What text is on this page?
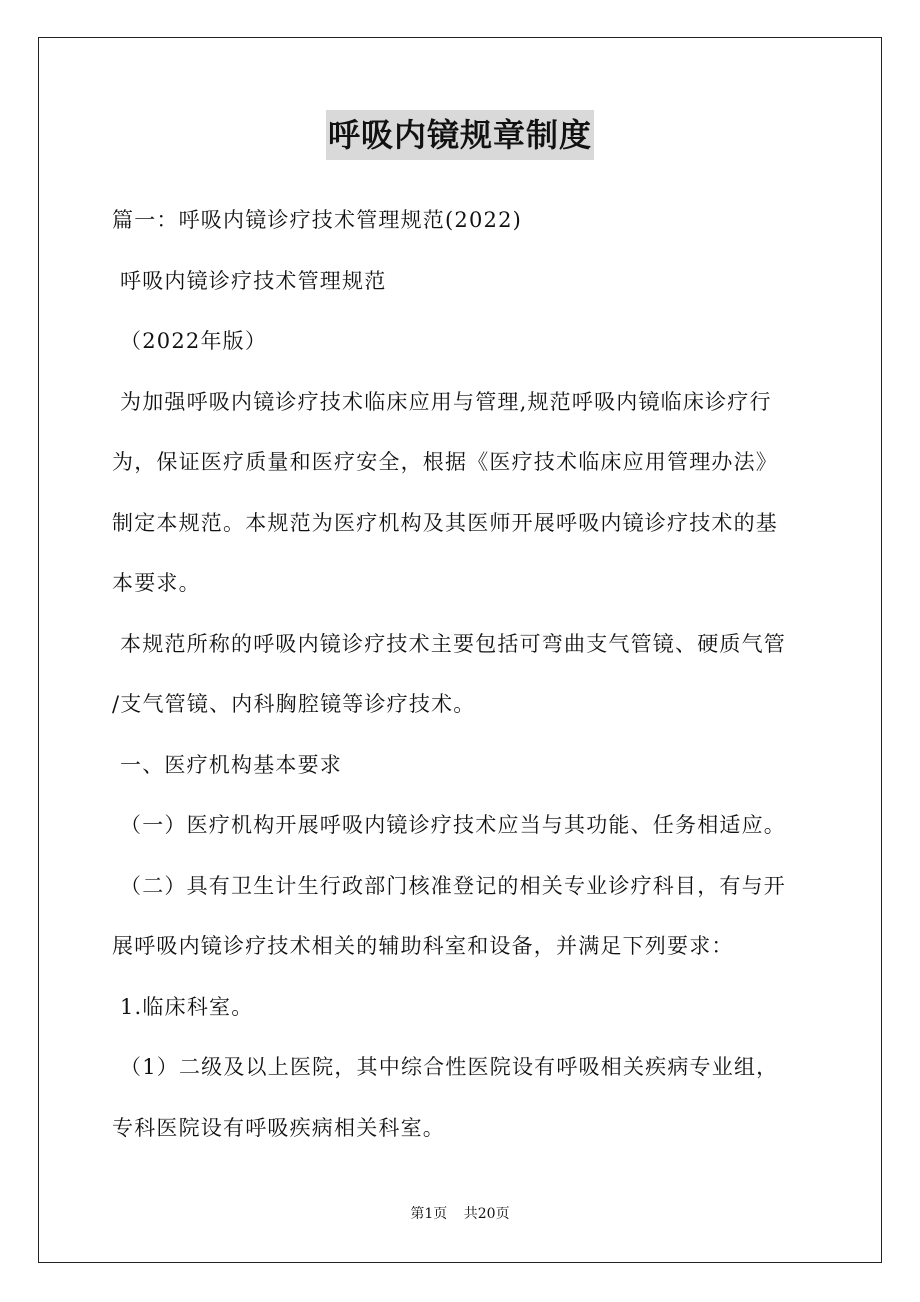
呼吸内镜规章制度
篇一：呼吸内镜诊疗技术管理规范(2022)
呼吸内镜诊疗技术管理规范
（2022年版）
为加强呼吸内镜诊疗技术临床应用与管理,规范呼吸内镜临床诊疗行
为，保证医疗质量和医疗安全，根据《医疗技术临床应用管理办法》
制定本规范。本规范为医疗机构及其医师开展呼吸内镜诊疗技术的基
本要求。
本规范所称的呼吸内镜诊疗技术主要包括可弯曲支气管镜、硬质气管
/支气管镜、内科胸腔镜等诊疗技术。
一、医疗机构基本要求
（一）医疗机构开展呼吸内镜诊疗技术应当与其功能、任务相适应。
（二）具有卫生计生行政部门核准登记的相关专业诊疗科目，有与开
展呼吸内镜诊疗技术相关的辅助科室和设备，并满足下列要求：
1.临床科室。
（1）二级及以上医院，其中综合性医院设有呼吸相关疾病专业组，
专科医院设有呼吸疾病相关科室。
第1页 共20页
